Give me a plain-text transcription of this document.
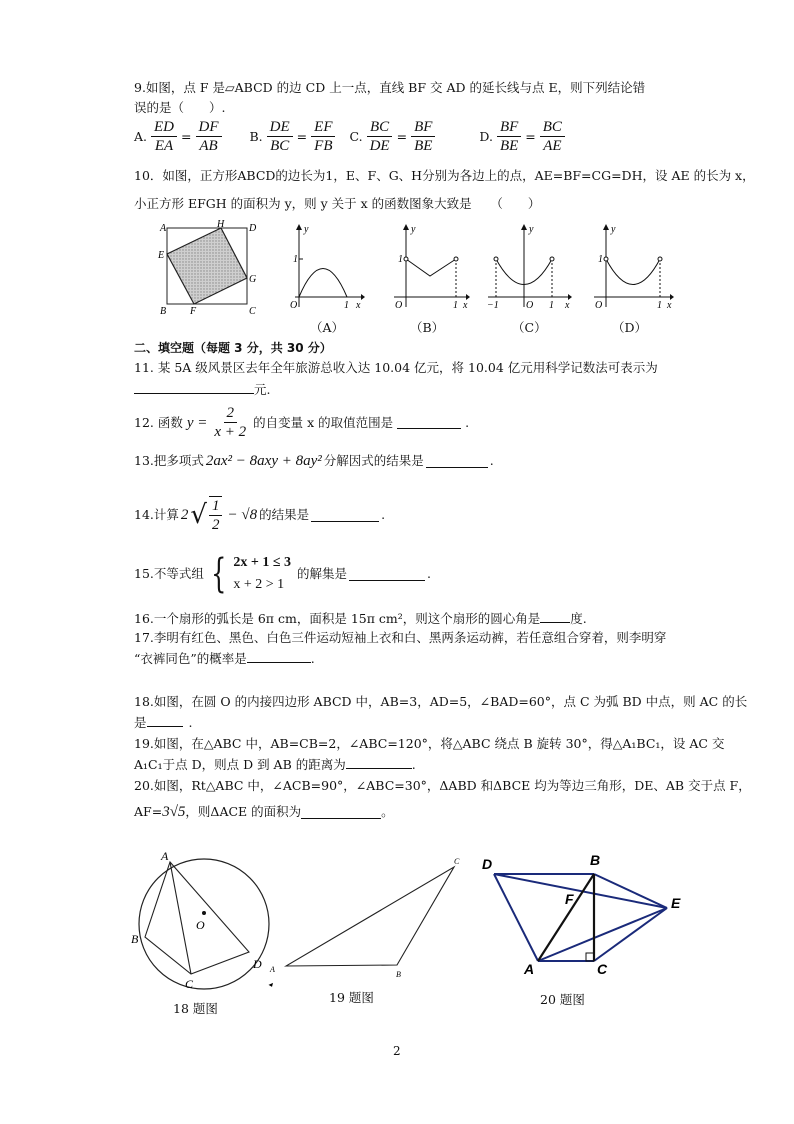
9.如图，点 F 是▱ABCD 的边 CD 上一点，直线 BF 交 AD 的延长线与点 E，则下列结论错
误的是（　　）.
A. $\frac{ED}{EA} = \frac{DF}{AB} B$. $\frac{DE}{BC} = \frac{EF}{FB} C$. $\frac{BC}{DE} = \frac{BF}{BE}$	D. $\frac{BF}{BE} = \frac{BC}{AE}$
10．如图，正方形ABCD的边长为1，E、F、G、H分别为各边上的点，AE=BF=CG=DH，设 AE 的长为 x，
小正方形 EFGH 的面积为 y，则 y 关于 x 的函数图象大致是　　（　　）
A	H D
E
G
B F	C
y
1
O	1 x
y
1
O	1 x
y
−1	O 1 x
y
1
O	1 x
（A）	（B）	（C）	（D）
二、填空题（每题 3 分，共 30 分）
11. 某 5A 级风景区去年全年旅游总收入达 10.04 亿元，将 10.04 亿元用科学记数法可表示为
元.
12. 函数 $y = \frac{2}{x + 2}$ 的自变量 x 的取值范围是	.
13.把多项式 2ax² − 8axy + 8ay² 分解因式的结果是	.
14.计算 2 √ $\frac{1}{2} - √8$ 的结果是	.
15.不等式组 { 2x + 1 ≤ 3
x + 2 > 1
的解集是	.
16.一个扇形的弧长是 6π cm，面积是 15π cm²，则这个扇形的圆心角是 度.
17.李明有红色、黑色、白色三件运动短袖上衣和白、黑两条运动裤，若任意组合穿着，则李明穿
“衣裤同色”的概率是	.
18.如图，在圆 O 的内接四边形 ABCD 中，AB=3，AD=5，∠BAD=60°，点 C 为弧 BD 中点，则 AC 的长
是	.
19.如图，在△ABC 中，AB=CB=2，∠ABC=120°，将△ABC 绕点 B 旋转 30°，得△A₁BC₁，设 AC 交
A₁C₁于点 D，则点 D 到 AB 的距离为	.
20.如图，Rt△ABC 中，∠ACB=90°，∠ABC=30°，ΔABD 和ΔBCE 均为等边三角形，DE、AB 交于点 F，
AF= 3√5 ，则ΔACE 的面积为	。
A
B
C
D
O
18 题图
A
B
C
◂
19 题图
D	B
E
F
A	C
20 题图
2
